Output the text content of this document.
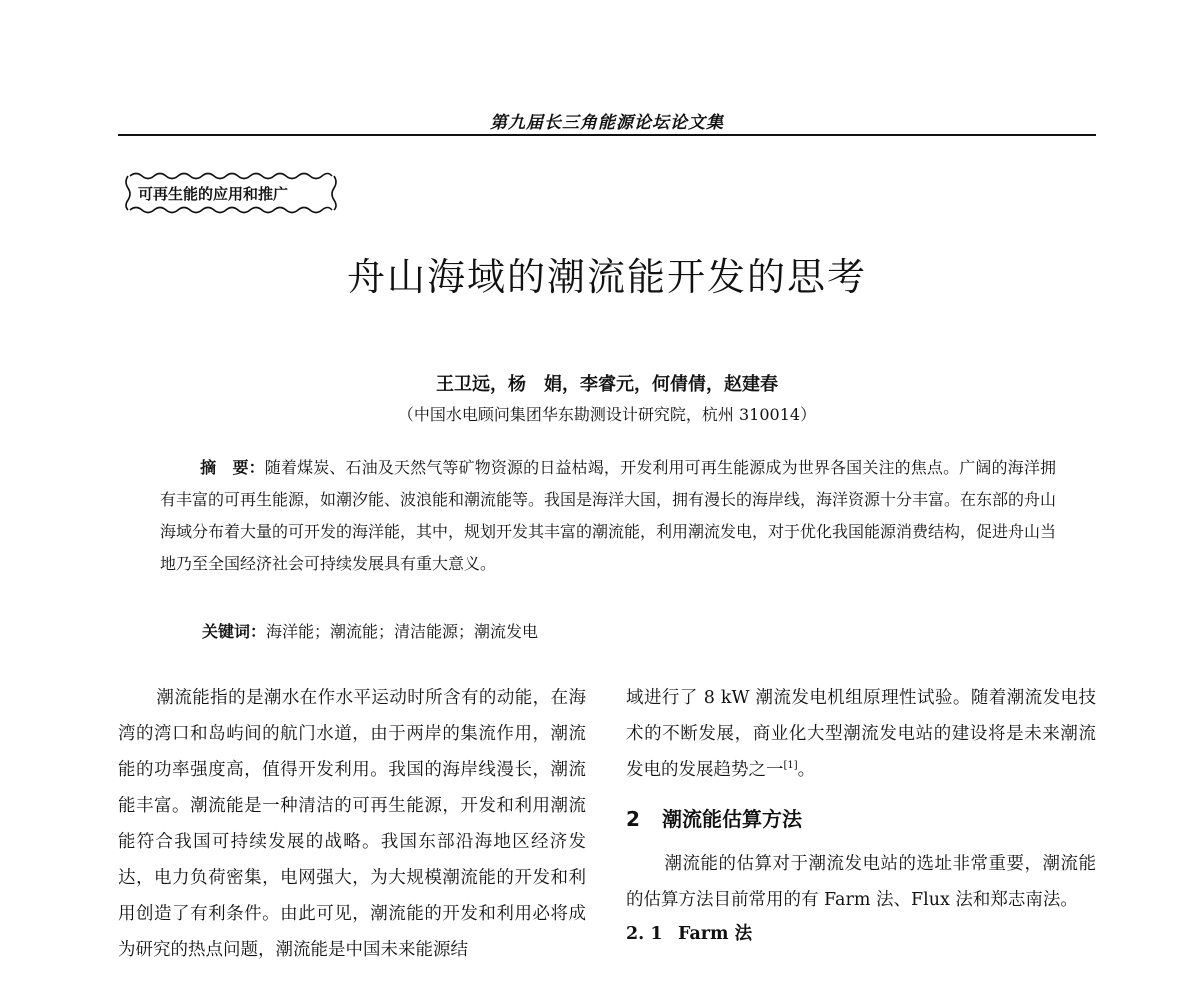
第九届长三角能源论坛论文集
可再生能的应用和推广
舟山海域的潮流能开发的思考
王卫远，杨　娟，李睿元，何倩倩，赵建春
（中国水电顾问集团华东勘测设计研究院，杭州 310014）
摘　要：随着煤炭、石油及天然气等矿物资源的日益枯竭，开发利用可再生能源成为世界各国关注的焦点。广阔的海洋拥有丰富的可再生能源，如潮汐能、波浪能和潮流能等。我国是海洋大国，拥有漫长的海岸线，海洋资源十分丰富。在东部的舟山海域分布着大量的可开发的海洋能，其中，规划开发其丰富的潮流能，利用潮流发电，对于优化我国能源消费结构，促进舟山当地乃至全国经济社会可持续发展具有重大意义。
关键词：海洋能；潮流能；清洁能源；潮流发电

潮流能指的是潮水在作水平运动时所含有的动能，在海湾的湾口和岛屿间的航门水道，由于两岸的集流作用，潮流能的功率强度高，值得开发利用。我国的海岸线漫长，潮流能丰富。潮流能是一种清洁的可再生能源，开发和利用潮流能符合我国可持续发展的战略。我国东部沿海地区经济发达，电力负荷密集，电网强大，为大规模潮流能的开发和利用创造了有利条件。由此可见，潮流能的开发和利用必将成为研究的热点问题，潮流能是中国未来能源结

域进行了 8 kW 潮流发电机组原理性试验。随着潮流发电技术的不断发展，商业化大型潮流发电站的建设将是未来潮流发电的发展趋势之一[1]。

2 潮流能估算方法

潮流能的估算对于潮流发电站的选址非常重要，潮流能的估算方法目前常用的有 Farm 法、Flux 法和郑志南法。

2. 1 Farm 法
